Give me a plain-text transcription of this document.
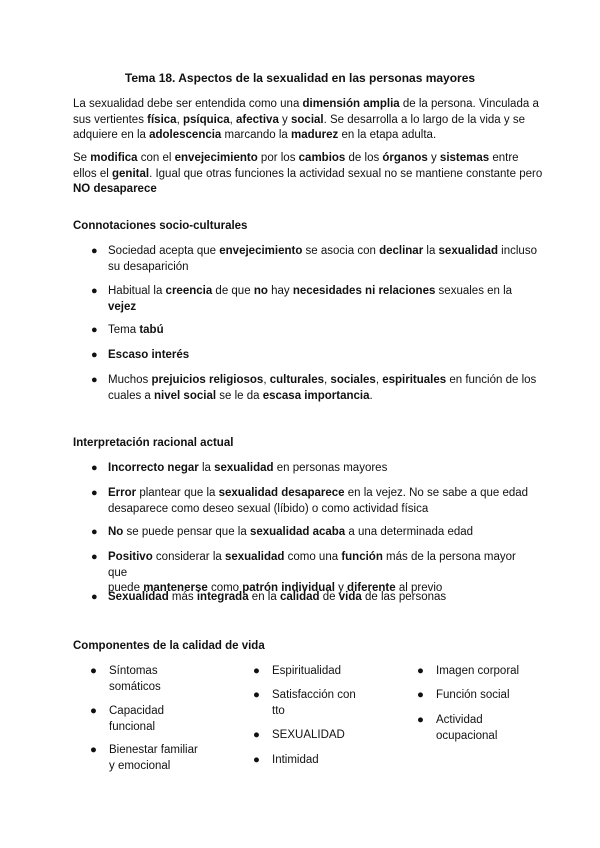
Tema 18. Aspectos de la sexualidad en las personas mayores
La sexualidad debe ser entendida como una dimensión amplia de la persona. Vinculada a
sus vertientes física, psíquica, afectiva y social. Se desarrolla a lo largo de la vida y se
adquiere en la adolescencia marcando la madurez en la etapa adulta.
Se modifica con el envejecimiento por los cambios de los órganos y sistemas entre
ellos el genital. Igual que otras funciones la actividad sexual no se mantiene constante pero
NO desaparece
Connotaciones socio-culturales
● Sociedad acepta que envejecimiento se asocia con declinar la sexualidad incluso
su desaparición
● Habitual la creencia de que no hay necesidades ni relaciones sexuales en la
vejez
● Tema tabú
● Escaso interés
● Muchos prejuicios religiosos, culturales, sociales, espirituales en función de los
cuales a nivel social se le da escasa importancia.
Interpretación racional actual
● Incorrecto negar la sexualidad en personas mayores
● Error plantear que la sexualidad desaparece en la vejez. No se sabe a que edad
desaparece como deseo sexual (líbido) o como actividad física
● No se puede pensar que la sexualidad acaba a una determinada edad
● Positivo considerar la sexualidad como una función más de la persona mayor que
puede mantenerse como patrón individual y diferente al previo
● Sexualidad más integrada en la calidad de vida de las personas
Componentes de la calidad de vida
● Síntomas
somáticos
● Capacidad
funcional
● Bienestar familiar
y emocional
● Espiritualidad
● Satisfacción con
tto
● SEXUALIDAD
● Intimidad
● Imagen corporal
● Función social
● Actividad
ocupacional
